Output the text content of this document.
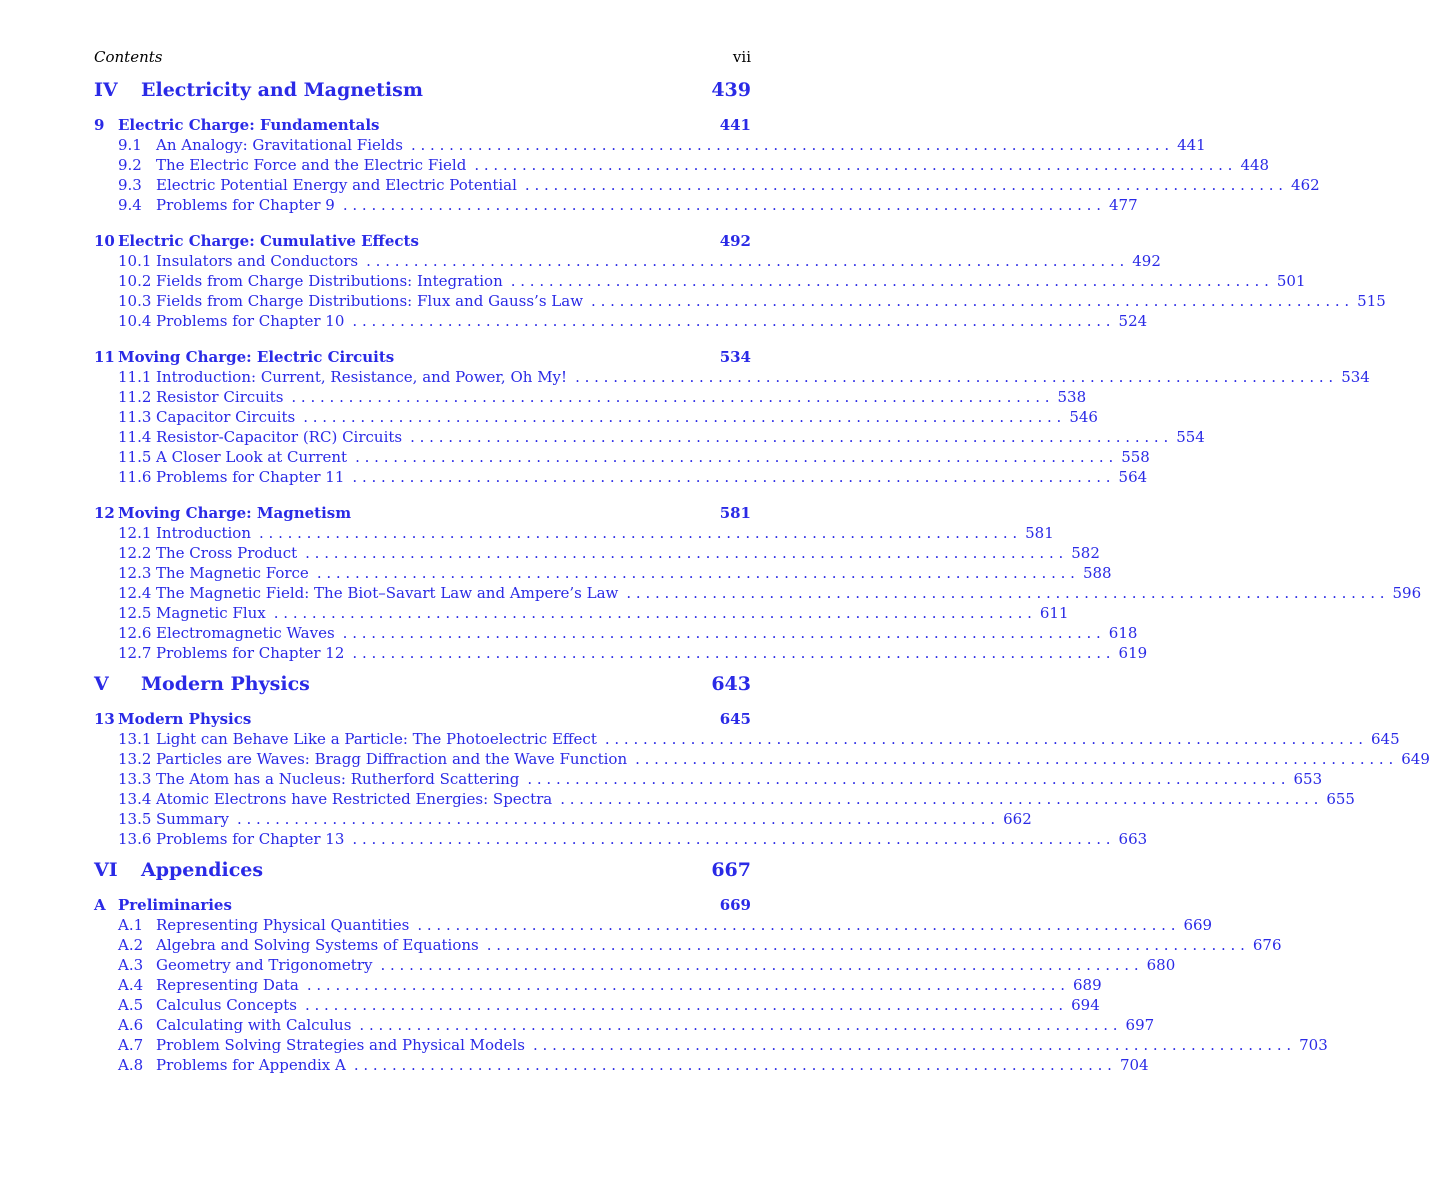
Contents	vii
IV	Electricity and Magnetism	439
9 Electric Charge: Fundamentals	441
9.1 An Analogy: Gravitational Fields . . . . . . . . . . . . . . . . . . . . . . . . . . . . . . . . . . . . . . . . . . . . . . . . . . . . . . . . . . . . . . . . . . . . . . . . . . . . . . . . 441
9.2 The Electric Force and the Electric Field . . . . . . . . . . . . . . . . . . . . . . . . . . . . . . . . . . . . . . . . . . . . . . . . . . . . . . . . . . . . . . . . . . . . . . . . . . . . . . . . 448
9.3 Electric Potential Energy and Electric Potential . . . . . . . . . . . . . . . . . . . . . . . . . . . . . . . . . . . . . . . . . . . . . . . . . . . . . . . . . . . . . . . . . . . . . . . . . . . . . . . . 462
9.4 Problems for Chapter 9 . . . . . . . . . . . . . . . . . . . . . . . . . . . . . . . . . . . . . . . . . . . . . . . . . . . . . . . . . . . . . . . . . . . . . . . . . . . . . . . . 477
10 Electric Charge: Cumulative Effects	492
10.1 Insulators and Conductors . . . . . . . . . . . . . . . . . . . . . . . . . . . . . . . . . . . . . . . . . . . . . . . . . . . . . . . . . . . . . . . . . . . . . . . . . . . . . . . . 492
10.2 Fields from Charge Distributions: Integration . . . . . . . . . . . . . . . . . . . . . . . . . . . . . . . . . . . . . . . . . . . . . . . . . . . . . . . . . . . . . . . . . . . . . . . . . . . . . . . . 501
10.3 Fields from Charge Distributions: Flux and Gauss’s Law . . . . . . . . . . . . . . . . . . . . . . . . . . . . . . . . . . . . . . . . . . . . . . . . . . . . . . . . . . . . . . . . . . . . . . . . . . . . . . . . 515
10.4 Problems for Chapter 10 . . . . . . . . . . . . . . . . . . . . . . . . . . . . . . . . . . . . . . . . . . . . . . . . . . . . . . . . . . . . . . . . . . . . . . . . . . . . . . . . 524
11 Moving Charge: Electric Circuits	534
11.1 Introduction: Current, Resistance, and Power, Oh My! . . . . . . . . . . . . . . . . . . . . . . . . . . . . . . . . . . . . . . . . . . . . . . . . . . . . . . . . . . . . . . . . . . . . . . . . . . . . . . . . 534
11.2 Resistor Circuits . . . . . . . . . . . . . . . . . . . . . . . . . . . . . . . . . . . . . . . . . . . . . . . . . . . . . . . . . . . . . . . . . . . . . . . . . . . . . . . . 538
11.3 Capacitor Circuits . . . . . . . . . . . . . . . . . . . . . . . . . . . . . . . . . . . . . . . . . . . . . . . . . . . . . . . . . . . . . . . . . . . . . . . . . . . . . . . . 546
11.4 Resistor-Capacitor (RC) Circuits . . . . . . . . . . . . . . . . . . . . . . . . . . . . . . . . . . . . . . . . . . . . . . . . . . . . . . . . . . . . . . . . . . . . . . . . . . . . . . . . 554
11.5 A Closer Look at Current . . . . . . . . . . . . . . . . . . . . . . . . . . . . . . . . . . . . . . . . . . . . . . . . . . . . . . . . . . . . . . . . . . . . . . . . . . . . . . . . 558
11.6 Problems for Chapter 11 . . . . . . . . . . . . . . . . . . . . . . . . . . . . . . . . . . . . . . . . . . . . . . . . . . . . . . . . . . . . . . . . . . . . . . . . . . . . . . . . 564
12 Moving Charge: Magnetism	581
12.1 Introduction . . . . . . . . . . . . . . . . . . . . . . . . . . . . . . . . . . . . . . . . . . . . . . . . . . . . . . . . . . . . . . . . . . . . . . . . . . . . . . . . 581
12.2 The Cross Product . . . . . . . . . . . . . . . . . . . . . . . . . . . . . . . . . . . . . . . . . . . . . . . . . . . . . . . . . . . . . . . . . . . . . . . . . . . . . . . . 582
12.3 The Magnetic Force . . . . . . . . . . . . . . . . . . . . . . . . . . . . . . . . . . . . . . . . . . . . . . . . . . . . . . . . . . . . . . . . . . . . . . . . . . . . . . . . 588
12.4 The Magnetic Field: The Biot–Savart Law and Ampere’s Law . . . . . . . . . . . . . . . . . . . . . . . . . . . . . . . . . . . . . . . . . . . . . . . . . . . . . . . . . . . . . . . . . . . . . . . . . . . . . . . . 596
12.5 Magnetic Flux . . . . . . . . . . . . . . . . . . . . . . . . . . . . . . . . . . . . . . . . . . . . . . . . . . . . . . . . . . . . . . . . . . . . . . . . . . . . . . . . 611
12.6 Electromagnetic Waves . . . . . . . . . . . . . . . . . . . . . . . . . . . . . . . . . . . . . . . . . . . . . . . . . . . . . . . . . . . . . . . . . . . . . . . . . . . . . . . . 618
12.7 Problems for Chapter 12 . . . . . . . . . . . . . . . . . . . . . . . . . . . . . . . . . . . . . . . . . . . . . . . . . . . . . . . . . . . . . . . . . . . . . . . . . . . . . . . . 619
V	Modern Physics	643
13 Modern Physics	645
13.1 Light can Behave Like a Particle: The Photoelectric Effect . . . . . . . . . . . . . . . . . . . . . . . . . . . . . . . . . . . . . . . . . . . . . . . . . . . . . . . . . . . . . . . . . . . . . . . . . . . . . . . . 645
13.2 Particles are Waves: Bragg Diffraction and the Wave Function . . . . . . . . . . . . . . . . . . . . . . . . . . . . . . . . . . . . . . . . . . . . . . . . . . . . . . . . . . . . . . . . . . . . . . . . . . . . . . . . 649
13.3 The Atom has a Nucleus: Rutherford Scattering . . . . . . . . . . . . . . . . . . . . . . . . . . . . . . . . . . . . . . . . . . . . . . . . . . . . . . . . . . . . . . . . . . . . . . . . . . . . . . . . 653
13.4 Atomic Electrons have Restricted Energies: Spectra . . . . . . . . . . . . . . . . . . . . . . . . . . . . . . . . . . . . . . . . . . . . . . . . . . . . . . . . . . . . . . . . . . . . . . . . . . . . . . . . 655
13.5 Summary . . . . . . . . . . . . . . . . . . . . . . . . . . . . . . . . . . . . . . . . . . . . . . . . . . . . . . . . . . . . . . . . . . . . . . . . . . . . . . . . 662
13.6 Problems for Chapter 13 . . . . . . . . . . . . . . . . . . . . . . . . . . . . . . . . . . . . . . . . . . . . . . . . . . . . . . . . . . . . . . . . . . . . . . . . . . . . . . . . 663
VI	Appendices	667
A Preliminaries	669
A.1 Representing Physical Quantities . . . . . . . . . . . . . . . . . . . . . . . . . . . . . . . . . . . . . . . . . . . . . . . . . . . . . . . . . . . . . . . . . . . . . . . . . . . . . . . . 669
A.2 Algebra and Solving Systems of Equations . . . . . . . . . . . . . . . . . . . . . . . . . . . . . . . . . . . . . . . . . . . . . . . . . . . . . . . . . . . . . . . . . . . . . . . . . . . . . . . . 676
A.3 Geometry and Trigonometry . . . . . . . . . . . . . . . . . . . . . . . . . . . . . . . . . . . . . . . . . . . . . . . . . . . . . . . . . . . . . . . . . . . . . . . . . . . . . . . . 680
A.4 Representing Data . . . . . . . . . . . . . . . . . . . . . . . . . . . . . . . . . . . . . . . . . . . . . . . . . . . . . . . . . . . . . . . . . . . . . . . . . . . . . . . . 689
A.5 Calculus Concepts . . . . . . . . . . . . . . . . . . . . . . . . . . . . . . . . . . . . . . . . . . . . . . . . . . . . . . . . . . . . . . . . . . . . . . . . . . . . . . . . 694
A.6 Calculating with Calculus . . . . . . . . . . . . . . . . . . . . . . . . . . . . . . . . . . . . . . . . . . . . . . . . . . . . . . . . . . . . . . . . . . . . . . . . . . . . . . . . 697
A.7 Problem Solving Strategies and Physical Models . . . . . . . . . . . . . . . . . . . . . . . . . . . . . . . . . . . . . . . . . . . . . . . . . . . . . . . . . . . . . . . . . . . . . . . . . . . . . . . . 703
A.8 Problems for Appendix A . . . . . . . . . . . . . . . . . . . . . . . . . . . . . . . . . . . . . . . . . . . . . . . . . . . . . . . . . . . . . . . . . . . . . . . . . . . . . . . . 704
